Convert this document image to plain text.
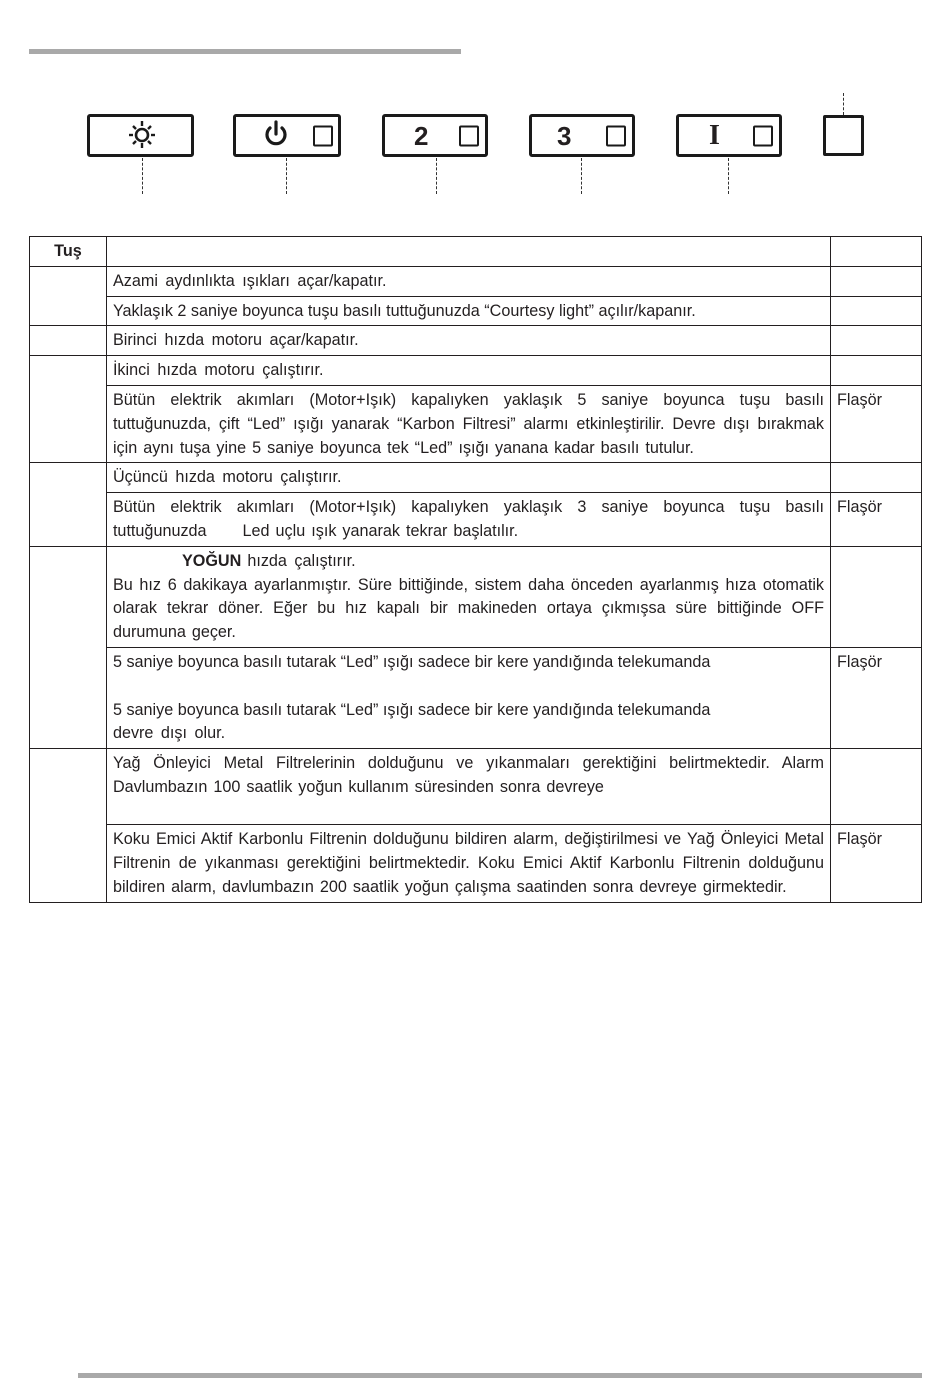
2	3	I
Tuş		
	Azami aydınlıkta ışıkları açar/kapatır.	
	Yaklaşık 2 saniye boyunca tuşu basılı tuttuğunuzda “Courtesy light” açılır/kapanır.	
	Birinci hızda motoru açar/kapatır.	
	İkinci hızda motoru çalıştırır.	
	Bütün elektrik akımları (Motor+Işık) kapalıyken yaklaşık 5 saniye boyunca tuşu basılı tuttuğunuzda, çift “Led” ışığı yanarak “Karbon Filtresi” alarmı etkinleştirilir. Devre dışı bırakmak için aynı tuşa yine 5 saniye boyunca tek “Led” ışığı yanana kadar basılı tutulur.	Flaşör
	Üçüncü hızda motoru çalıştırır.	
	Bütün elektrik akımları (Motor+Işık) kapalıyken yaklaşık 3 saniye boyunca tuşu basılı tuttuğunuzda Led uçlu ışık yanarak tekrar başlatılır.	Flaşör

	YOĞUN hızda çalıştırır.
Bu hız 6 dakikaya ayarlanmıştır. Süre bittiğinde, sistem daha önceden ayarlanmış hıza otomatik olarak tekrar döner. Eğer bu hız kapalı bir makineden ortaya çıkmışsa süre bittiğinde OFF durumuna geçer.	

	5 saniye boyunca basılı tutarak “Led” ışığı sadece bir kere yandığında telekumanda
5 saniye boyunca basılı tutarak “Led” ışığı sadece bir kere yandığında telekumanda
devre dışı olur.	Flaşör
	Yağ Önleyici Metal Filtrelerinin dolduğunu ve yıkanmaları gerektiğini belirtmektedir. Alarm Davlumbazın 100 saatlik yoğun kullanım süresinden sonra devreye	
	Koku Emici Aktif Karbonlu Filtrenin dolduğunu bildiren alarm, değiştirilmesi ve Yağ Önleyici Metal Filtrenin de yıkanması gerektiğini belirtmektedir. Koku Emici Aktif Karbonlu Filtrenin dolduğunu bildiren alarm, davlumbazın 200 saatlik yoğun çalışma saatinden sonra devreye girmektedir.	Flaşör
